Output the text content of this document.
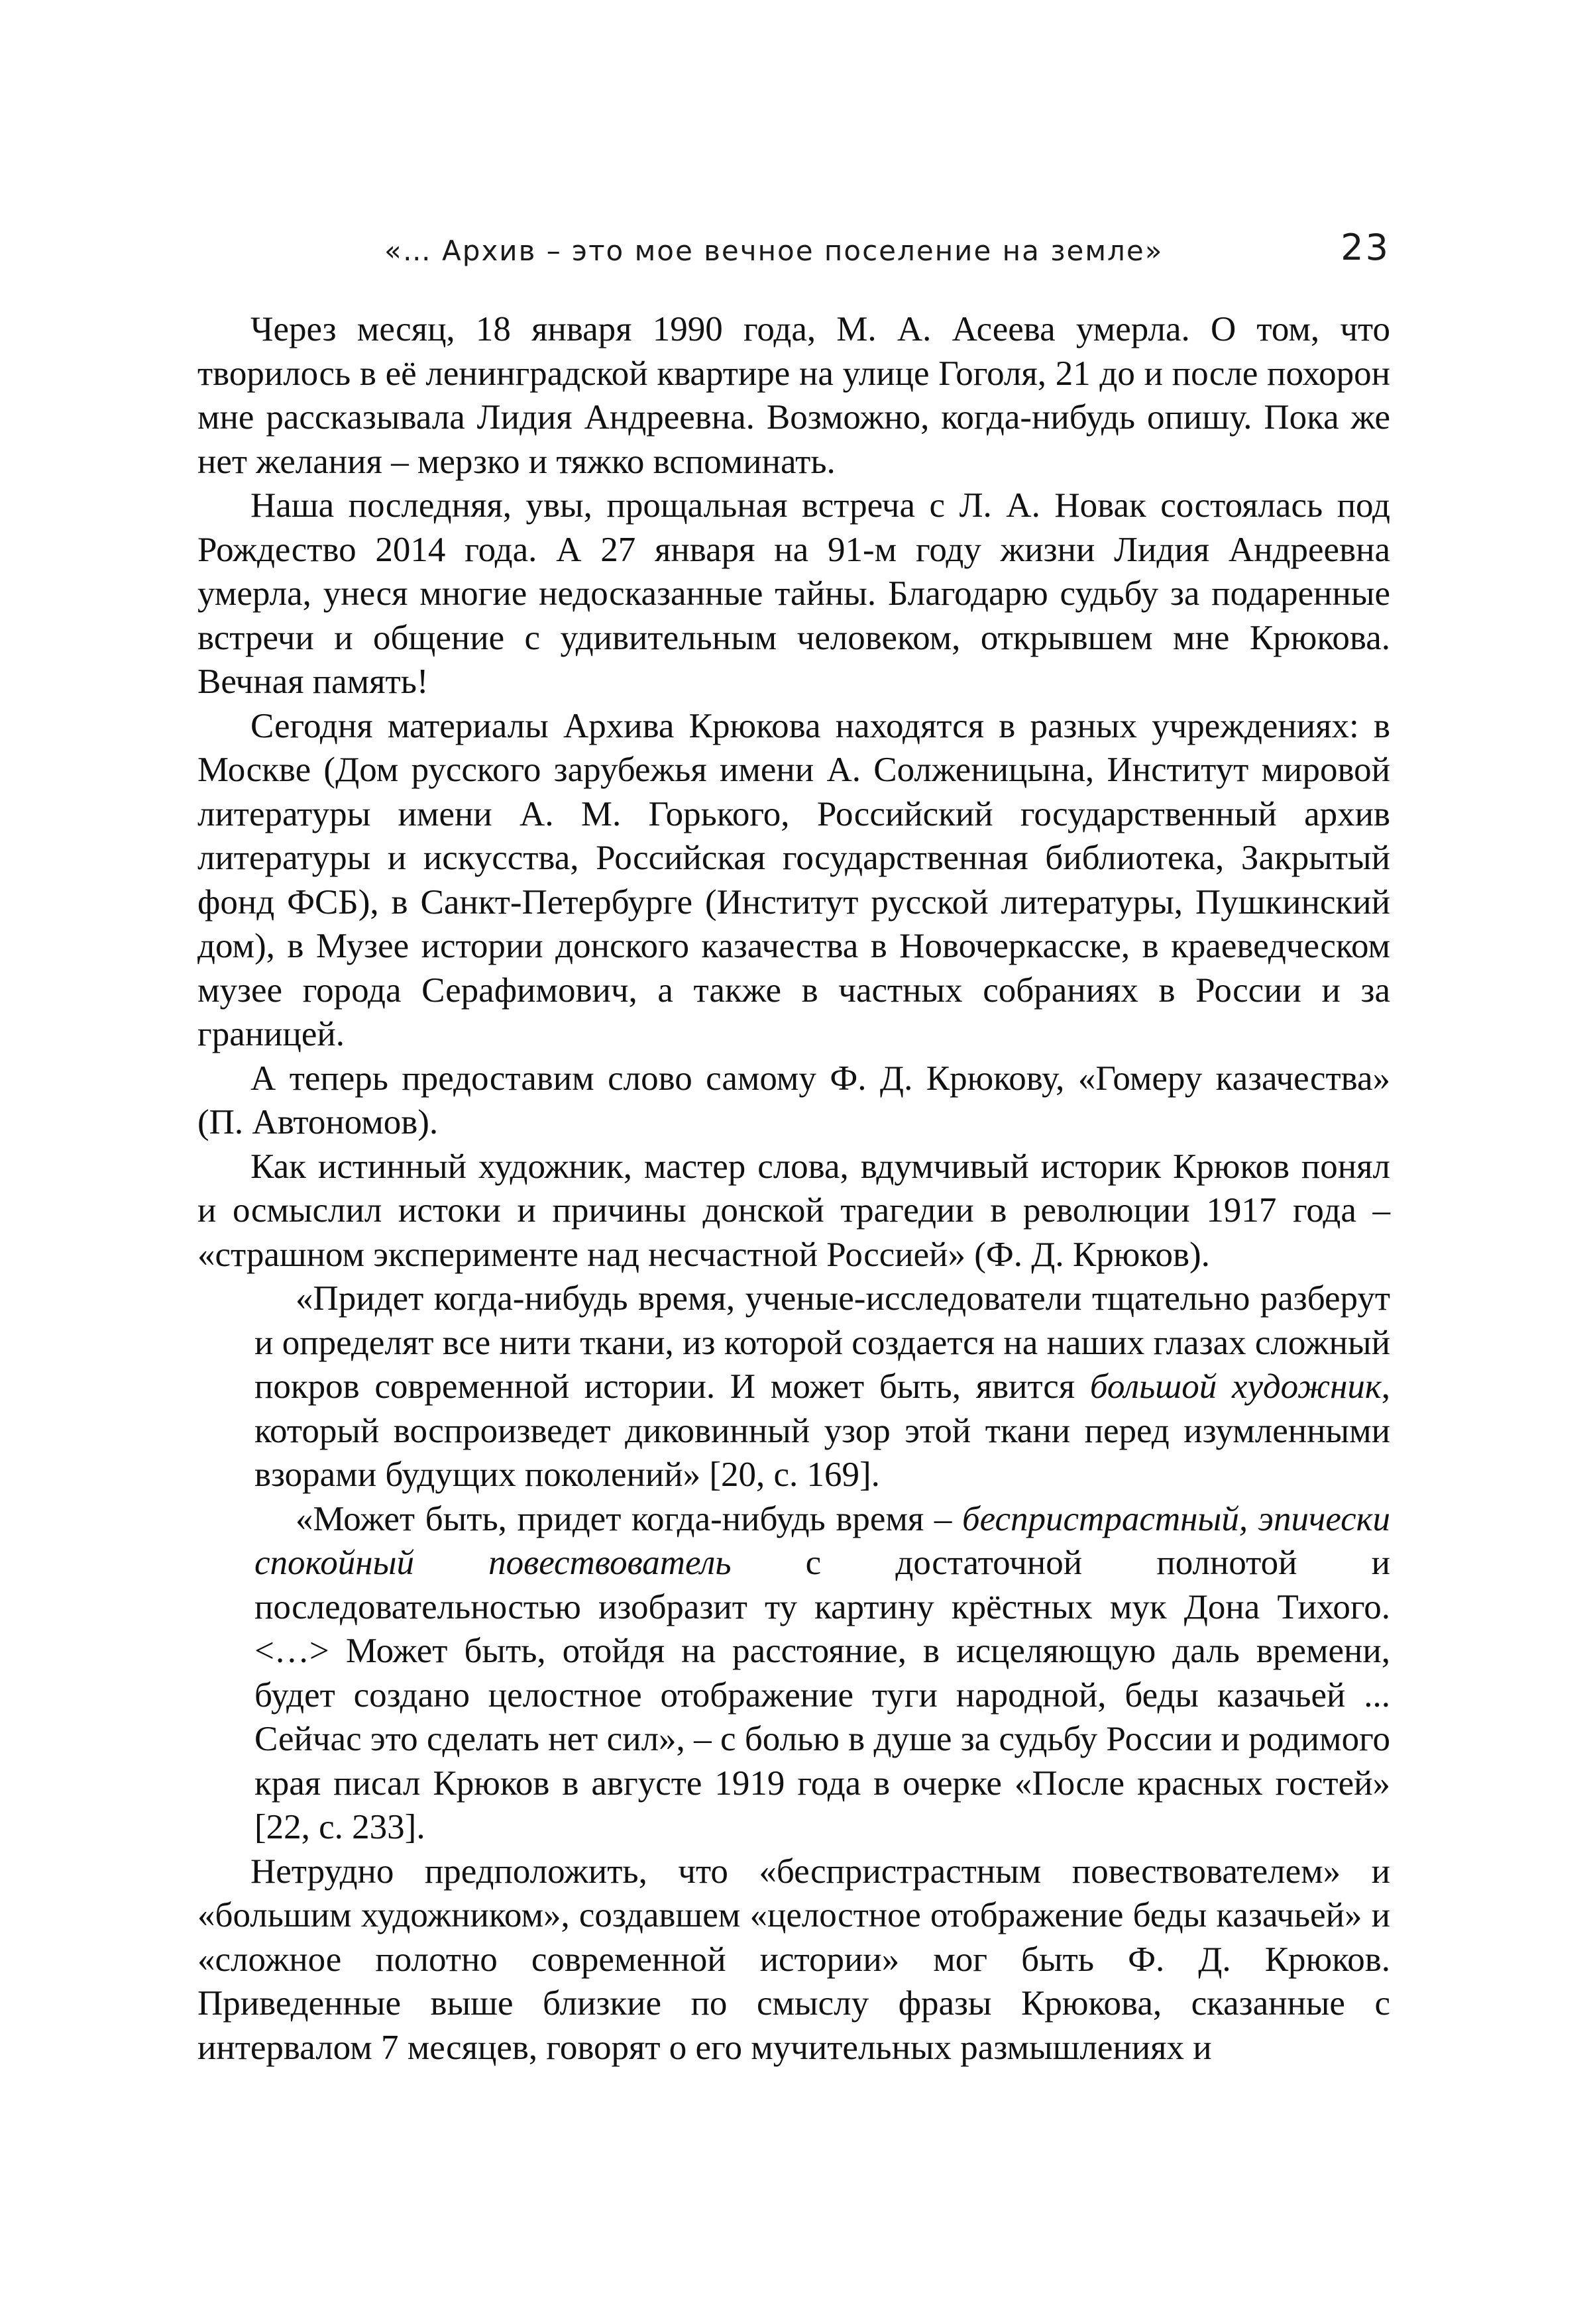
«… Архив – это мое вечное поселение на земле»	23

Через месяц, 18 января 1990 года, М. А. Асеева умерла. О том, что творилось в её ленинградской квартире на улице Гоголя, 21 до и после похорон мне рассказывала Лидия Андреевна. Возможно, когда-нибудь опишу. Пока же нет желания – мерзко и тяжко вспоминать.

Наша последняя, увы, прощальная встреча с Л. А. Новак состоялась под Рождество 2014 года. А 27 января на 91-м году жизни Лидия Андреевна умерла, унеся многие недосказанные тайны. Благодарю судьбу за подаренные встречи и общение с удивительным человеком, открывшем мне Крюкова. Вечная память!

Сегодня материалы Архива Крюкова находятся в разных учреждениях: в Москве (Дом русского зарубежья имени А. Солженицына, Институт мировой литературы имени А. М. Горького, Российский государственный архив литературы и искусства, Российская государственная библиотека, Закрытый фонд ФСБ), в Санкт-Петербурге (Институт русской литературы, Пушкинский дом), в Музее истории донского казачества в Новочеркасске, в краеведческом музее города Серафимович, а также в частных собраниях в России и за границей.

А теперь предоставим слово самому Ф. Д. Крюкову, «Гомеру казачества» (П. Автономов).

Как истинный художник, мастер слова, вдумчивый историк Крюков понял и осмыслил истоки и причины донской трагедии в революции 1917 года – «страшном эксперименте над несчастной Россией» (Ф. Д. Крюков).

«Придет когда-нибудь время, ученые-исследователи тщательно разберут и определят все нити ткани, из которой создается на наших глазах сложный покров современной истории. И может быть, явится большой художник, который воспроизведет диковинный узор этой ткани перед изумленными взорами будущих поколений» [20, с. 169].

«Может быть, придет когда-нибудь время – беспристрастный, эпически спокойный повествователь с достаточной полнотой и последовательностью изобразит ту картину крёстных мук Дона Тихого. <…> Может быть, отойдя на расстояние, в исцеляющую даль времени, будет создано целостное отображение туги народной, беды казачьей ... Сейчас это сделать нет сил», – с болью в душе за судьбу России и родимого края писал Крюков в августе 1919 года в очерке «После красных гостей» [22, с. 233].

Нетрудно предположить, что «беспристрастным повествователем» и «большим художником», создавшем «целостное отображение беды казачьей» и «сложное полотно современной истории» мог быть Ф. Д. Крюков. Приведенные выше близкие по смыслу фразы Крюкова, сказанные с интервалом 7 месяцев, говорят о его мучительных размышлениях и
